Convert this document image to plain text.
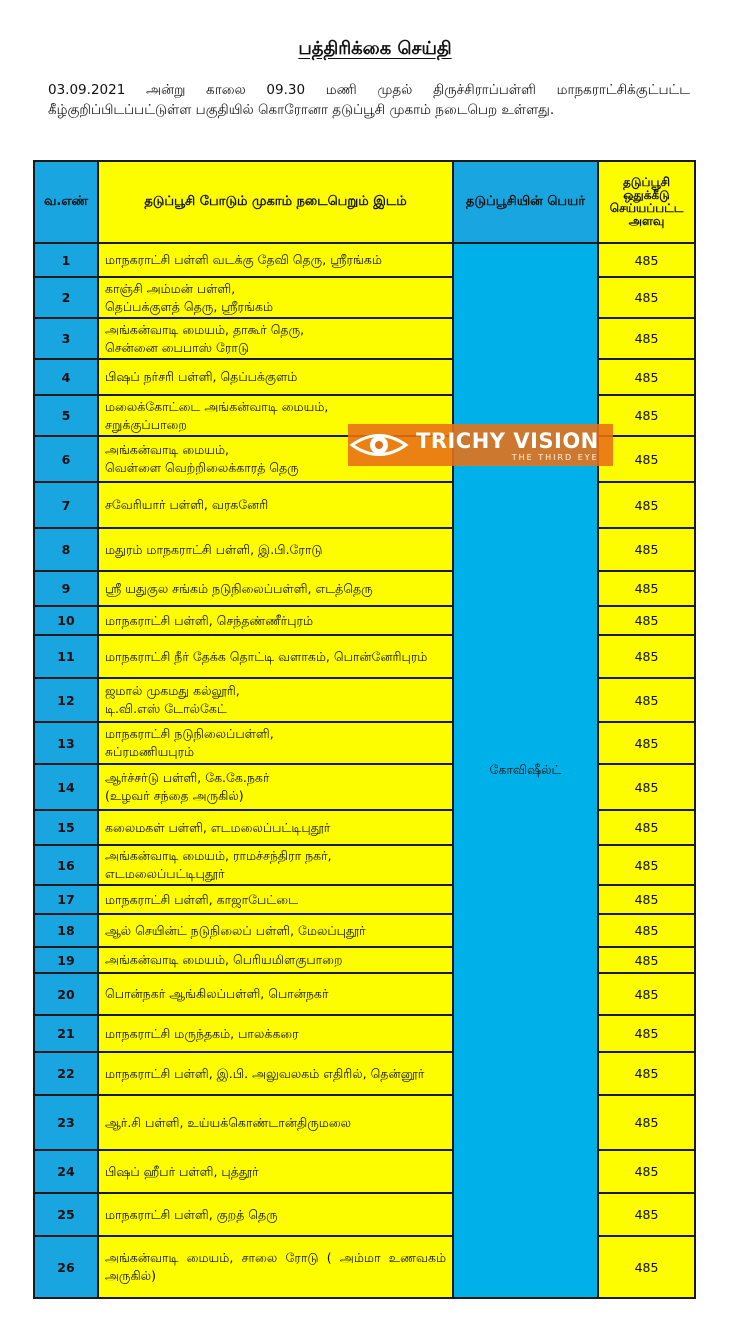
பத்திரிக்கை செய்தி
03.09.2021 அன்று காலை 09.30 மணி முதல் திருச்சிராப்பள்ளி மாநகராட்சிக்குட்பட்ட கீழ்குறிப்பிடப்பட்டுள்ள பகுதியில் கொரோனா தடுப்பூசி முகாம் நடைபெற உள்ளது.
வ.எண்	தடுப்பூசி போடும் முகாம் நடைபெறும் இடம்	தடுப்பூசியின் பெயர்	தடுப்பூசி ஒதுக்கீடு செய்யப்பட்ட அளவு
1	மாநகராட்சி பள்ளி வடக்கு தேவி தெரு, ஸ்ரீரங்கம்	கோவிஷீல்ட்	485
2	காஞ்சி அம்மன் பள்ளி,
தெப்பக்குளத் தெரு, ஸ்ரீரங்கம்		485
3	அங்கன்வாடி மையம், தாகூர் தெரு,
சென்னை பைபாஸ் ரோடு		485
4	பிஷப் நர்சரி பள்ளி, தெப்பக்குளம்		485
5	மலைக்கோட்டை அங்கன்வாடி மையம்,
சறுக்குப்பாறை		485
6	அங்கன்வாடி மையம்,
வெள்ளை வெற்றிலைக்காரத் தெரு		485
7	சவேரியார் பள்ளி, வரகனேரி		485
8	மதுரம் மாநகராட்சி பள்ளி, இ.பி.ரோடு		485
9	ஸ்ரீ யதுகுல சங்கம் நடுநிலைப்பள்ளி, எடத்தெரு		485
10	மாநகராட்சி பள்ளி, செந்தண்ணீர்புரம்		485
11	மாநகராட்சி நீர் தேக்க தொட்டி வளாகம், பொன்னேரிபுரம்		485
12	ஜமால் முகமது கல்லூரி,
டி.வி.எஸ் டோல்கேட்		485
13	மாநகராட்சி நடுநிலைப்பள்ளி,
சுப்ரமணியபுரம்		485
14	ஆர்ச்சர்டு பள்ளி, கே.கே.நகர்
(உழவர் சந்தை அருகில்)		485
15	கலைமகள் பள்ளி, எடமலைப்பட்டிபுதூர்		485
16	அங்கன்வாடி மையம், ராமச்சந்திரா நகர்,
எடமலைப்பட்டிபுதூர்		485
17	மாநகராட்சி பள்ளி, காஜாபேட்டை		485
18	ஆல் செயின்ட் நடுநிலைப் பள்ளி, மேலப்புதூர்		485
19	அங்கன்வாடி மையம், பெரியமிளகுபாறை		485
20	பொன்நகர் ஆங்கிலப்பள்ளி, பொன்நகர்		485
21	மாநகராட்சி மருந்தகம், பாலக்கரை		485
22	மாநகராட்சி பள்ளி, இ.பி. அலுவலகம் எதிரில், தென்னூர்		485
23	ஆர்.சி பள்ளி, உய்யக்கொண்டான்திருமலை		485
24	பிஷப் ஹீபர் பள்ளி, புத்தூர்		485
25	மாநகராட்சி பள்ளி, குறத் தெரு		485
26	அங்கன்வாடி மையம், சாலை ரோடு ( அம்மா உணவகம் அருகில்)		485
TRICHY VISION
THE THIRD EYE
